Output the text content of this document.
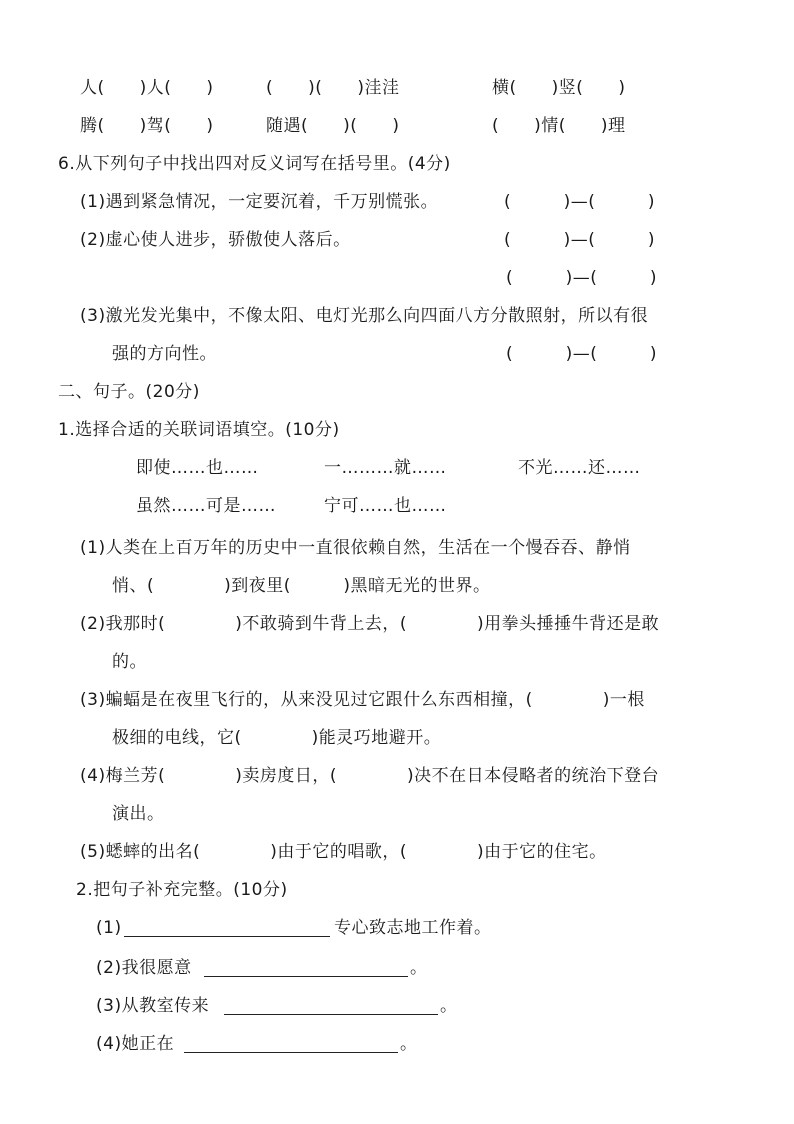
人(　　)人(　　)	(　　)(　　)洼洼	横(　　)竖(　　)
腾(　　)驾(　　)	随遇(　　)(　　)	(　　)情(　　)理
6.从下列句子中找出四对反义词写在括号里。(4分)
(1)遇到紧急情况，一定要沉着，千万别慌张。	(　　　)—(　　　)
(2)虚心使人进步，骄傲使人落后。	(　　　)—(　　　)
(　　　)—(　　　)
(3)激光发光集中，不像太阳、电灯光那么向四面八方分散照射，所以有很
强的方向性。	(　　　)—(　　　)
二、句子。(20分)
1.选择合适的关联词语填空。(10分)
即使……也……	一………就……	不光……还……
虽然……可是……	宁可……也……
(1)人类在上百万年的历史中一直很依赖自然，生活在一个慢吞吞、静悄
悄、(　　　　)到夜里(　　　)黑暗无光的世界。
(2)我那时(　　　　)不敢骑到牛背上去，(　　　　)用拳头捶捶牛背还是敢
的。
(3)蝙蝠是在夜里飞行的，从来没见过它跟什么东西相撞，(　　　　)一根
极细的电线，它(　　　　)能灵巧地避开。
(4)梅兰芳(　　　　)卖房度日，(　　　　)决不在日本侵略者的统治下登台
演出。
(5)蟋蟀的出名(　　　　)由于它的唱歌，(　　　　)由于它的住宅。
2.把句子补充完整。(10分)
(1)	专心致志地工作着。
(2)我很愿意	。
(3)从教室传来	。
(4)她正在	。
